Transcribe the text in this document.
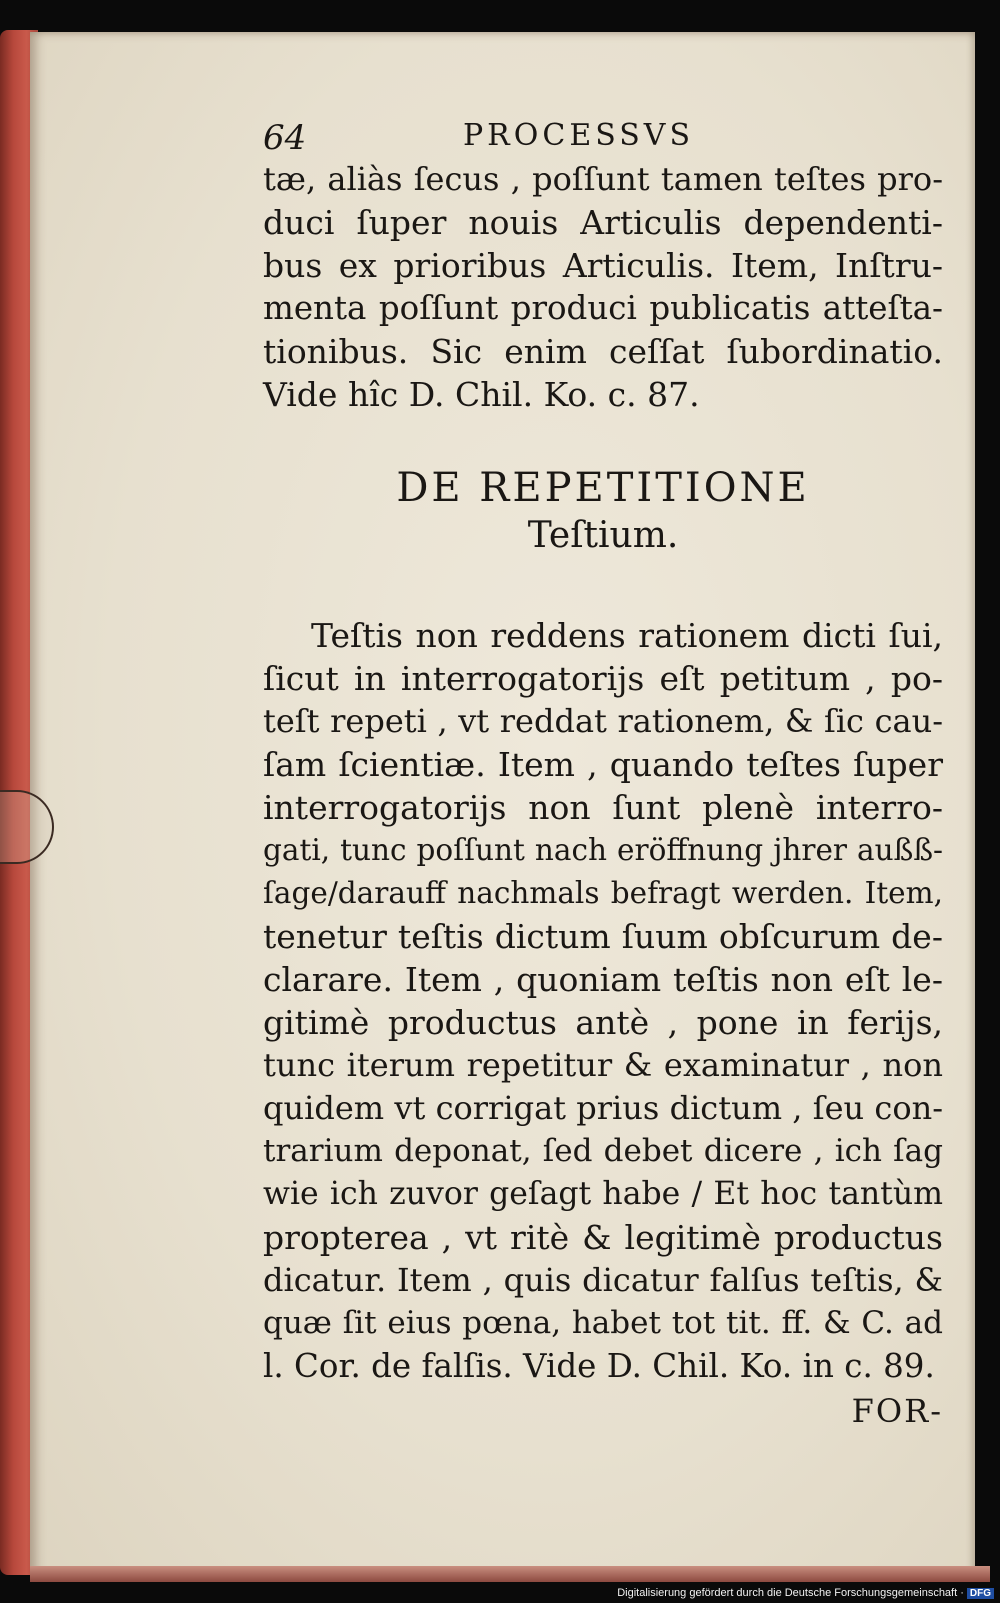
64	PROCESSVS
tæ, aliàs ſecus , poſſunt tamen teſtes pro-
duci ſuper nouis Articulis dependenti-
bus ex prioribus Articulis. Item, Inſtru-
menta poſſunt produci publicatis atteſta-
tionibus. Sic enim ceſſat ſubordinatio.
Vide hîc D. Chil. Ko. c. 87.
DE REPETITIONE
Teſtium.
Teſtis non reddens rationem dicti ſui,
ſicut in interrogatorijs eſt petitum , po-
teſt repeti , vt reddat rationem, & ſic cau-
ſam ſcientiæ. Item , quando teſtes ſuper
interrogatorijs non ſunt plenè interro-
gati, tunc poſſunt nach eröffnung jhrer außß-
ſage/darauff nachmals befragt werden. Item,
tenetur teſtis dictum ſuum obſcurum de-
clarare. Item , quoniam teſtis non eſt le-
gitimè productus antè , pone in ferijs,
tunc iterum repetitur & examinatur , non
quidem vt corrigat prius dictum , ſeu con-
trarium deponat, ſed debet dicere , ich ſag
wie ich zuvor geſagt habe / Et hoc tantùm
propterea , vt ritè & legitimè productus
dicatur. Item , quis dicatur falſus teſtis, &
quæ ſit eius pœna, habet tot tit. ff. & C. ad
l. Cor. de falſis. Vide D. Chil. Ko. in c. 89.
FOR-
Digitalisierung gefördert durch die Deutsche Forschungsgemeinschaft · DFG
